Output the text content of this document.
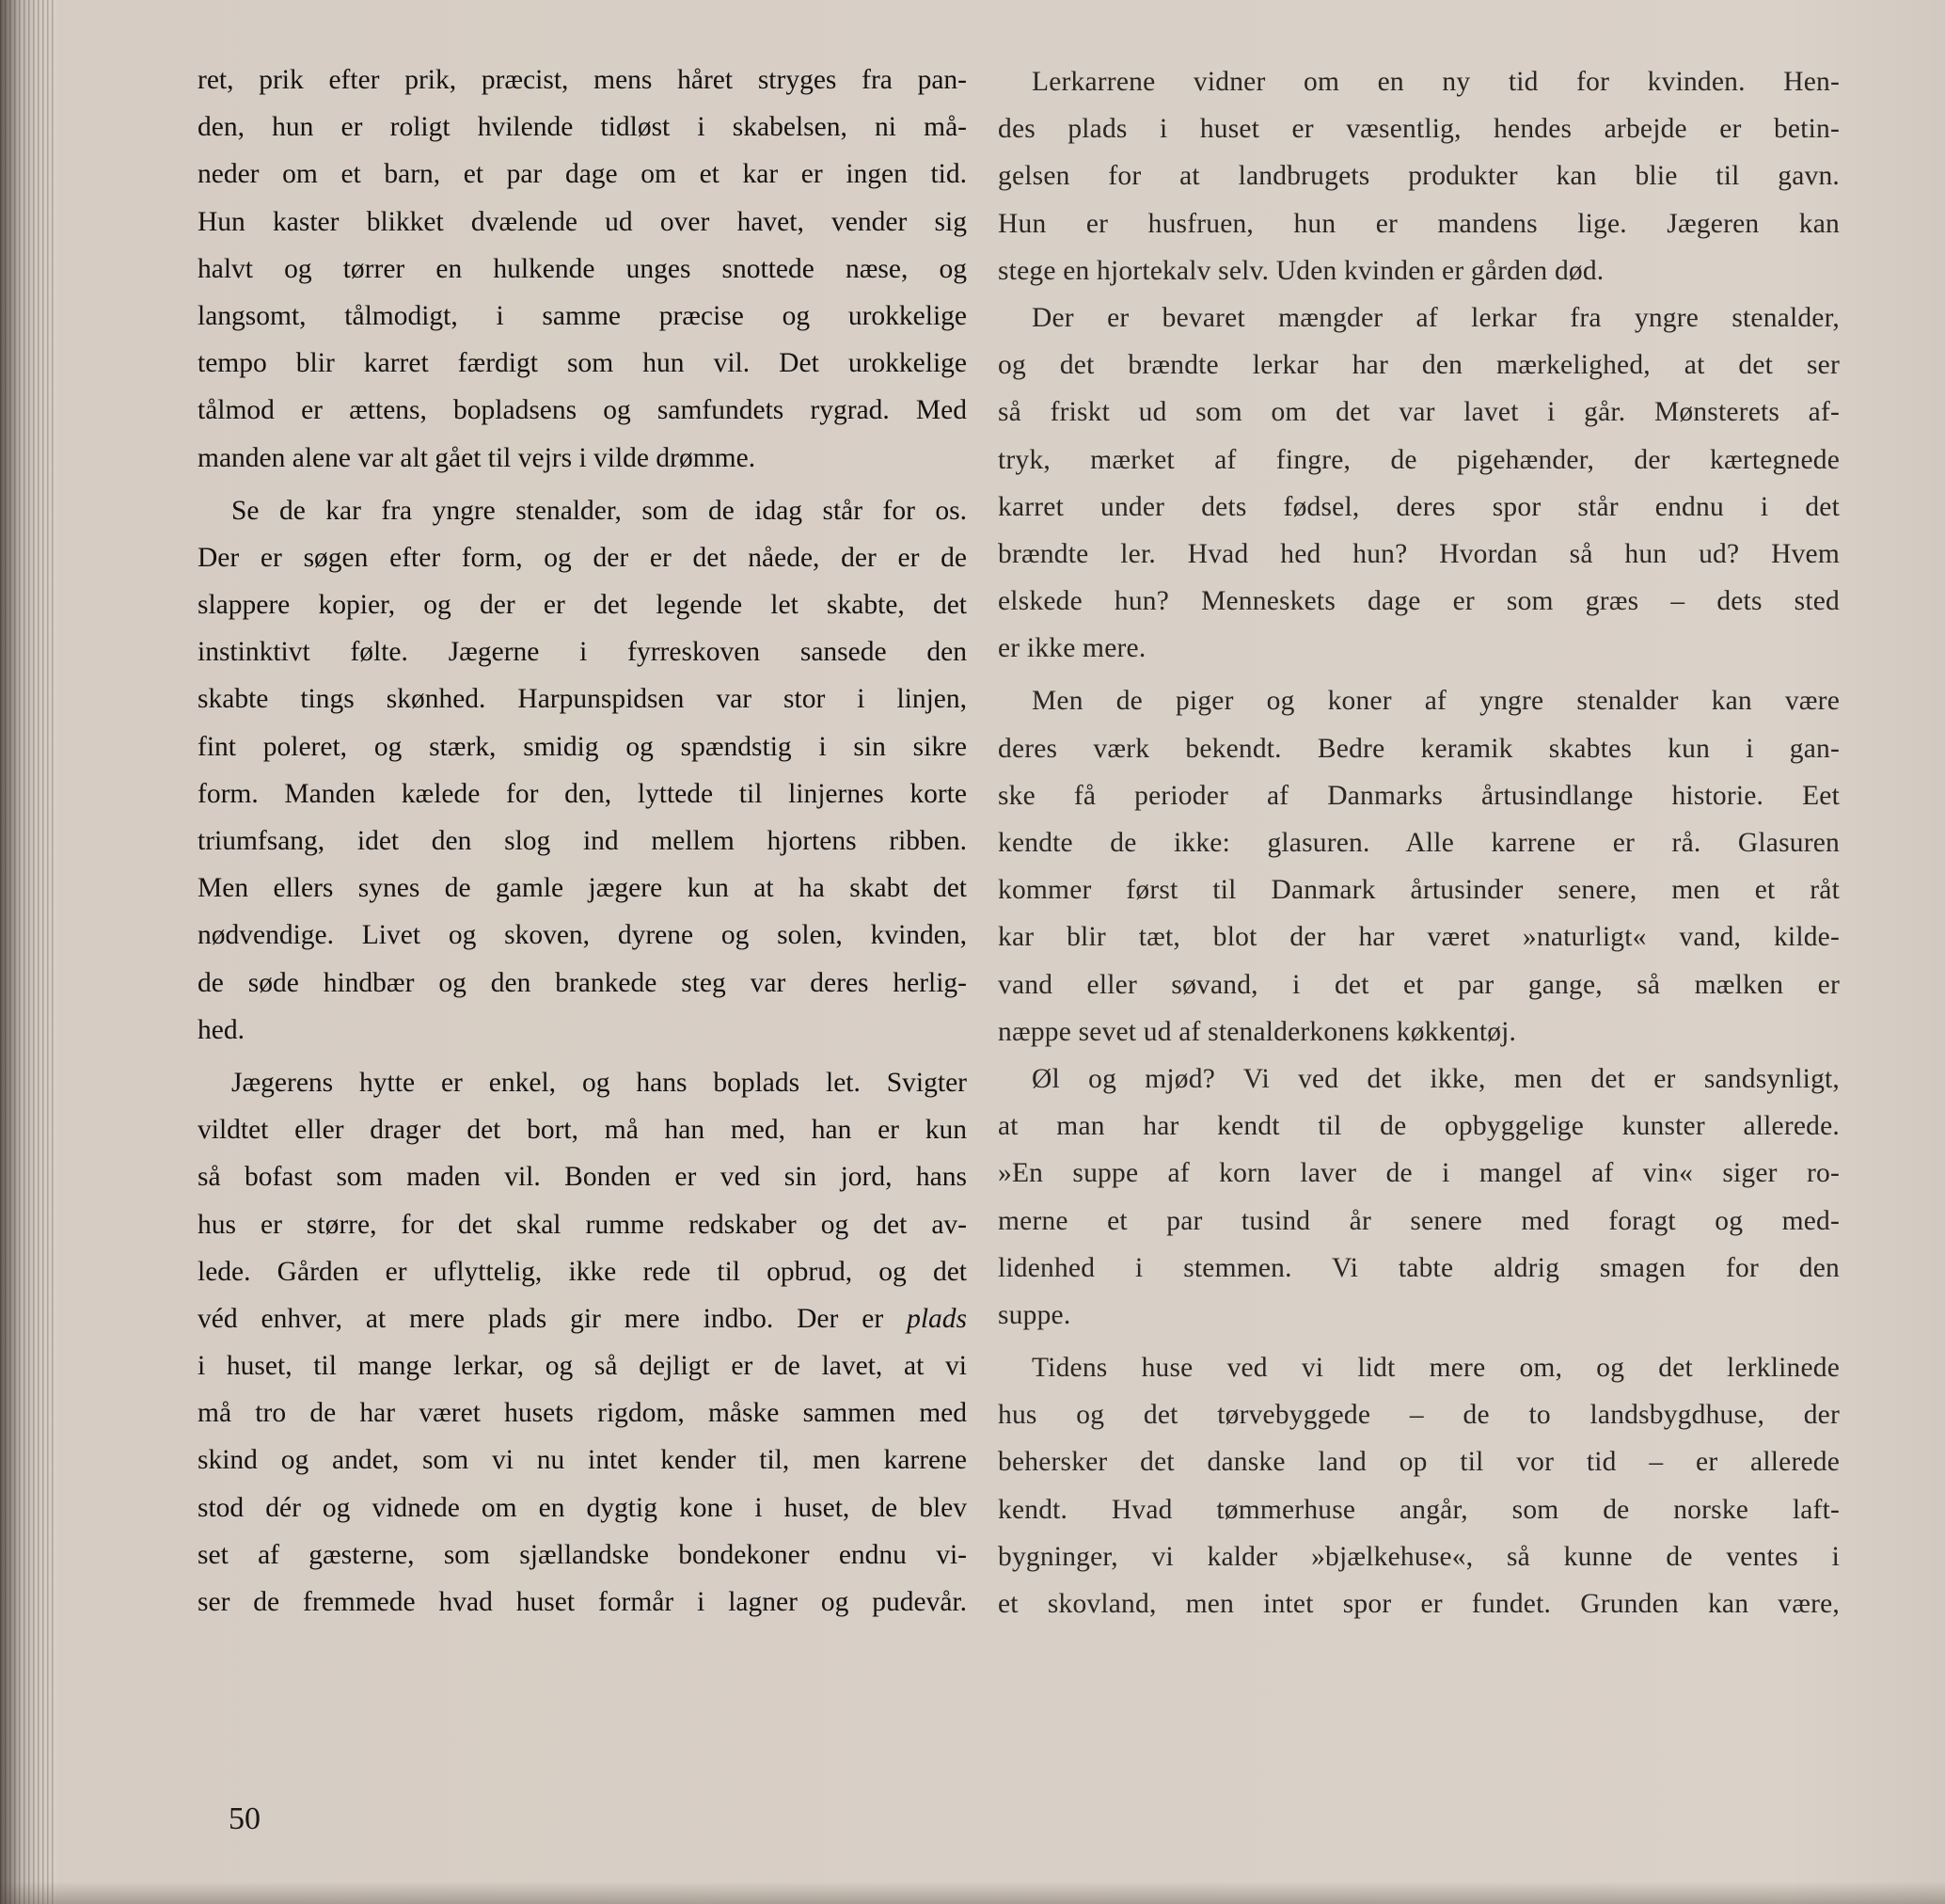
ret, prik efter prik, præcist, mens håret stryges fra pan-
den, hun er roligt hvilende tidløst i skabelsen, ni må-
neder om et barn, et par dage om et kar er ingen tid.
Hun kaster blikket dvælende ud over havet, vender sig
halvt og tørrer en hulkende unges snottede næse, og
langsomt, tålmodigt, i samme præcise og urokkelige
tempo blir karret færdigt som hun vil. Det urokkelige
tålmod er ættens, bopladsens og samfundets rygrad. Med
manden alene var alt gået til vejrs i vilde drømme.
Se de kar fra yngre stenalder, som de idag står for os.
Der er søgen efter form, og der er det nåede, der er de
slappere kopier, og der er det legende let skabte, det
instinktivt følte. Jægerne i fyrreskoven sansede den
skabte tings skønhed. Harpunspidsen var stor i linjen,
fint poleret, og stærk, smidig og spændstig i sin sikre
form. Manden kælede for den, lyttede til linjernes korte
triumfsang, idet den slog ind mellem hjortens ribben.
Men ellers synes de gamle jægere kun at ha skabt det
nødvendige. Livet og skoven, dyrene og solen, kvinden,
de søde hindbær og den brankede steg var deres herlig-
hed.
Jægerens hytte er enkel, og hans boplads let. Svigter
vildtet eller drager det bort, må han med, han er kun
så bofast som maden vil. Bonden er ved sin jord, hans
hus er større, for det skal rumme redskaber og det av-
lede. Gården er uflyttelig, ikke rede til opbrud, og det
véd enhver, at mere plads gir mere indbo. Der er plads
i huset, til mange lerkar, og så dejligt er de lavet, at vi
må tro de har været husets rigdom, måske sammen med
skind og andet, som vi nu intet kender til, men karrene
stod dér og vidnede om en dygtig kone i huset, de blev
set af gæsterne, som sjællandske bondekoner endnu vi-
ser de fremmede hvad huset formår i lagner og pudevår.
Lerkarrene vidner om en ny tid for kvinden. Hen-
des plads i huset er væsentlig, hendes arbejde er betin-
gelsen for at landbrugets produkter kan blie til gavn.
Hun er husfruen, hun er mandens lige. Jægeren kan
stege en hjortekalv selv. Uden kvinden er gården død.
Der er bevaret mængder af lerkar fra yngre stenalder,
og det brændte lerkar har den mærkelighed, at det ser
så friskt ud som om det var lavet i går. Mønsterets af-
tryk, mærket af fingre, de pigehænder, der kærtegnede
karret under dets fødsel, deres spor står endnu i det
brændte ler. Hvad hed hun? Hvordan så hun ud? Hvem
elskede hun? Menneskets dage er som græs – dets sted
er ikke mere.
Men de piger og koner af yngre stenalder kan være
deres værk bekendt. Bedre keramik skabtes kun i gan-
ske få perioder af Danmarks årtusindlange historie. Eet
kendte de ikke: glasuren. Alle karrene er rå. Glasuren
kommer først til Danmark årtusinder senere, men et råt
kar blir tæt, blot der har været »naturligt« vand, kilde-
vand eller søvand, i det et par gange, så mælken er
næppe sevet ud af stenalderkonens køkkentøj.
Øl og mjød? Vi ved det ikke, men det er sandsynligt,
at man har kendt til de opbyggelige kunster allerede.
»En suppe af korn laver de i mangel af vin« siger ro-
merne et par tusind år senere med foragt og med-
lidenhed i stemmen. Vi tabte aldrig smagen for den
suppe.
Tidens huse ved vi lidt mere om, og det lerklinede
hus og det tørvebyggede – de to landsbygdhuse, der
behersker det danske land op til vor tid – er allerede
kendt. Hvad tømmerhuse angår, som de norske laft-
bygninger, vi kalder »bjælkehuse«, så kunne de ventes i
et skovland, men intet spor er fundet. Grunden kan være,
50
